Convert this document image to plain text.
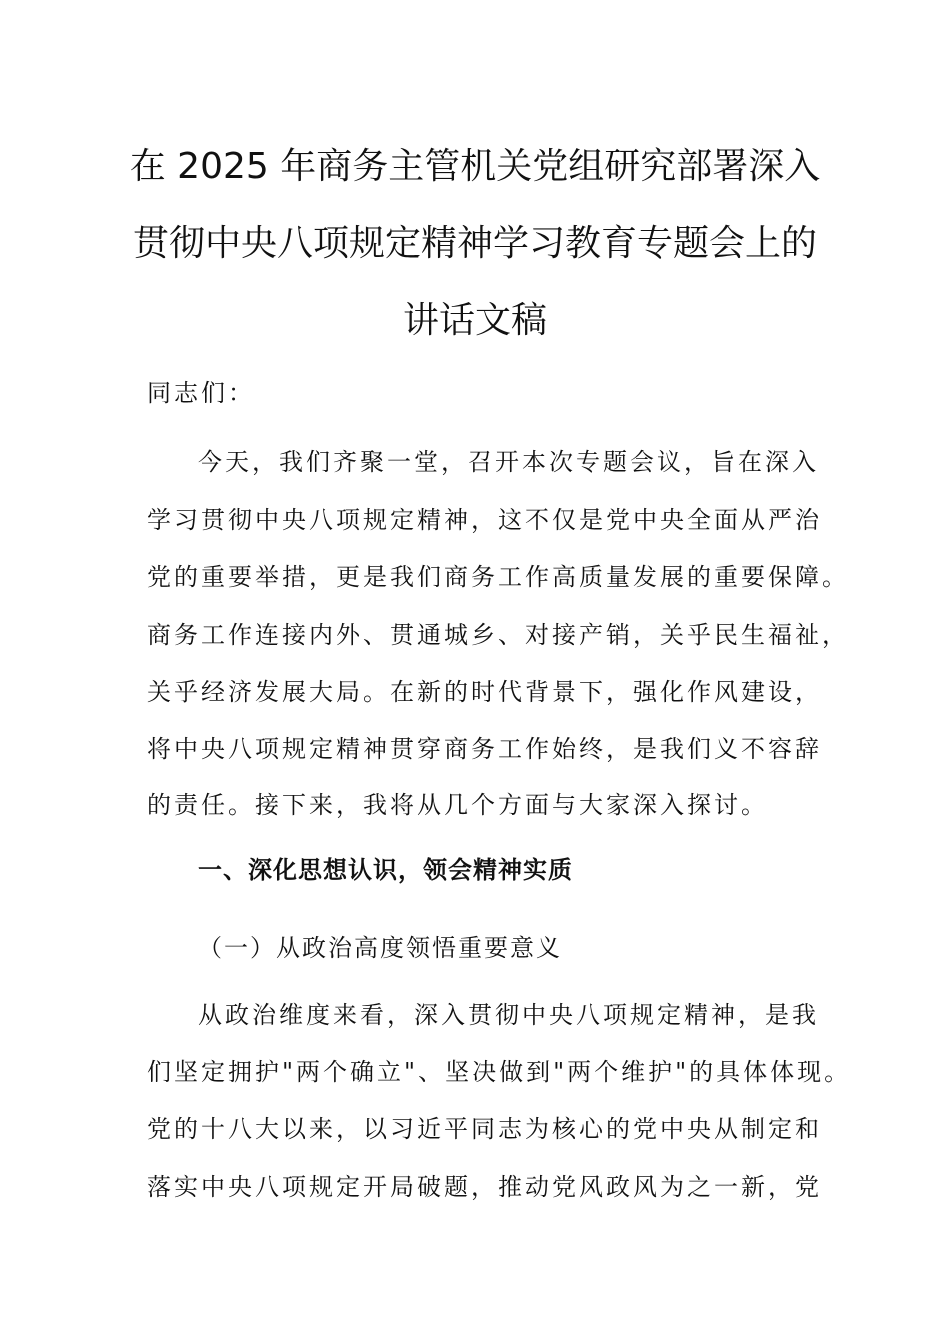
在 2025 年商务主管机关党组研究部署深入
贯彻中央八项规定精神学习教育专题会上的
讲话文稿
同志们：
今天，我们齐聚一堂，召开本次专题会议，旨在深入
学习贯彻中央八项规定精神，这不仅是党中央全面从严治
党的重要举措，更是我们商务工作高质量发展的重要保障。
商务工作连接内外、贯通城乡、对接产销，关乎民生福祉，
关乎经济发展大局。在新的时代背景下，强化作风建设，
将中央八项规定精神贯穿商务工作始终，是我们义不容辞
的责任。接下来，我将从几个方面与大家深入探讨。
一、深化思想认识，领会精神实质
（一）从政治高度领悟重要意义
从政治维度来看，深入贯彻中央八项规定精神，是我
们坚定拥护"两个确立"、坚决做到"两个维护"的具体体现。
党的十八大以来，以习近平同志为核心的党中央从制定和
落实中央八项规定开局破题，推动党风政风为之一新，党
